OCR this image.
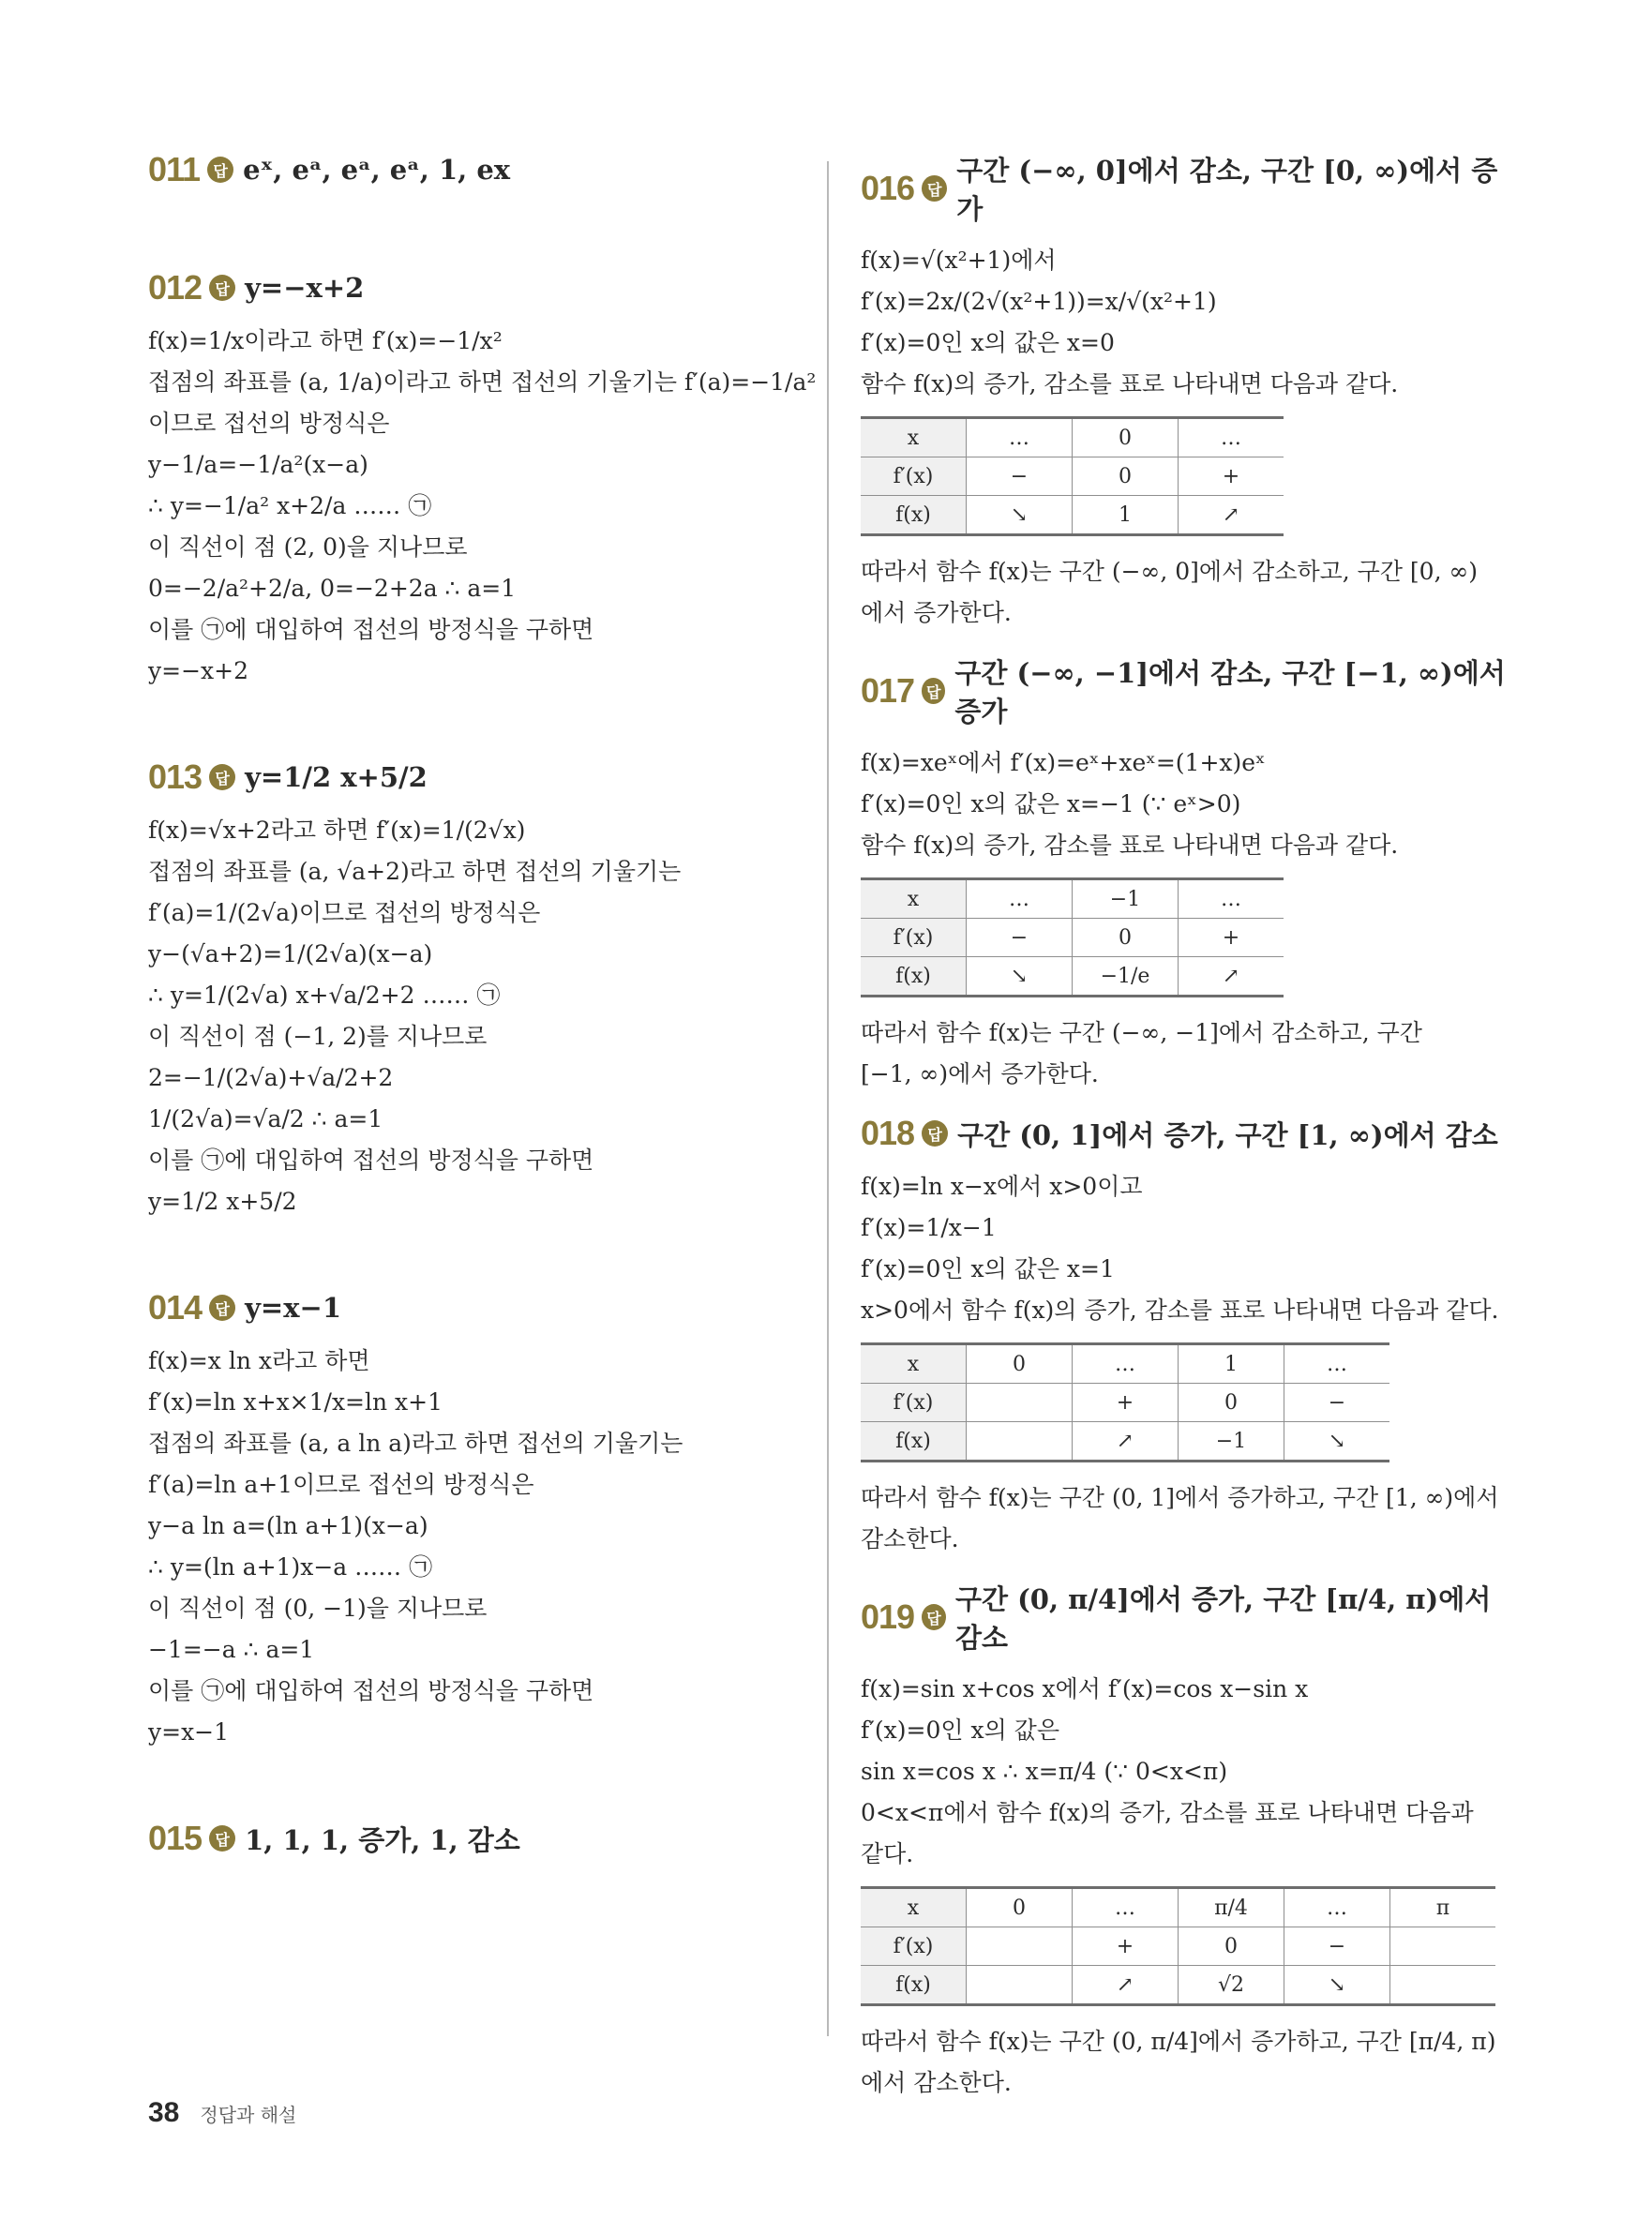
011 답 eˣ, eᵃ, eᵃ, eᵃ, 1, ex
012 답 y=−x+2
f(x)=1/x이라고 하면 f′(x)=−1/x²
접점의 좌표를 (a, 1/a)이라고 하면 접선의 기울기는 f′(a)=−1/a²
이므로 접선의 방정식은
y−1/a=−1/a²(x−a)
∴ y=−1/a² x+2/a …… ㉠
이 직선이 점 (2, 0)을 지나므로
0=−2/a²+2/a, 0=−2+2a ∴ a=1
이를 ㉠에 대입하여 접선의 방정식을 구하면
y=−x+2
013 답 y=1/2 x+5/2
f(x)=√x+2라고 하면 f′(x)=1/(2√x)
접점의 좌표를 (a, √a+2)라고 하면 접선의 기울기는
f′(a)=1/(2√a)이므로 접선의 방정식은
y−(√a+2)=1/(2√a)(x−a)
∴ y=1/(2√a) x+√a/2+2 …… ㉠
이 직선이 점 (−1, 2)를 지나므로
2=−1/(2√a)+√a/2+2
1/(2√a)=√a/2 ∴ a=1
이를 ㉠에 대입하여 접선의 방정식을 구하면
y=1/2 x+5/2
014 답 y=x−1
f(x)=x ln x라고 하면
f′(x)=ln x+x×1/x=ln x+1
접점의 좌표를 (a, a ln a)라고 하면 접선의 기울기는
f′(a)=ln a+1이므로 접선의 방정식은
y−a ln a=(ln a+1)(x−a)
∴ y=(ln a+1)x−a …… ㉠
이 직선이 점 (0, −1)을 지나므로
−1=−a ∴ a=1
이를 ㉠에 대입하여 접선의 방정식을 구하면
y=x−1
015 답 1, 1, 1, 증가, 1, 감소
016 답
구간 (−∞, 0]에서 감소, 구간 [0, ∞)에서 증가
f(x)=√(x²+1)에서
f′(x)=2x/(2√(x²+1))=x/√(x²+1)
f′(x)=0인 x의 값은 x=0
함수 f(x)의 증가, 감소를 표로 나타내면 다음과 같다.
x	…	0	…
f′(x)	−	0	+
f(x)	↘	1	↗
따라서 함수 f(x)는 구간 (−∞, 0]에서 감소하고, 구간 [0, ∞)
에서 증가한다.
017 답
구간 (−∞, −1]에서 감소, 구간 [−1, ∞)에서 증가
f(x)=xeˣ에서 f′(x)=eˣ+xeˣ=(1+x)eˣ
f′(x)=0인 x의 값은 x=−1 (∵ eˣ>0)
함수 f(x)의 증가, 감소를 표로 나타내면 다음과 같다.
x	…	−1	…
f′(x)	−	0	+
f(x)	↘	−1/e	↗
따라서 함수 f(x)는 구간 (−∞, −1]에서 감소하고, 구간
[−1, ∞)에서 증가한다.
018 답 구간 (0, 1]에서 증가, 구간 [1, ∞)에서 감소
f(x)=ln x−x에서 x>0이고
f′(x)=1/x−1
f′(x)=0인 x의 값은 x=1
x>0에서 함수 f(x)의 증가, 감소를 표로 나타내면 다음과 같다.
x	0	…	1	…
f′(x)		+	0	−
f(x)		↗	−1	↘
따라서 함수 f(x)는 구간 (0, 1]에서 증가하고, 구간 [1, ∞)에서
감소한다.
019 답
구간 (0, π/4]에서 증가, 구간 [π/4, π)에서 감소
f(x)=sin x+cos x에서 f′(x)=cos x−sin x
f′(x)=0인 x의 값은
sin x=cos x ∴ x=π/4 (∵ 0<x<π)
0<x<π에서 함수 f(x)의 증가, 감소를 표로 나타내면 다음과
같다.
x	0	…	π/4	…	π
f′(x)		+	0	−	
f(x)		↗	√2	↘	
따라서 함수 f(x)는 구간 (0, π/4]에서 증가하고, 구간 [π/4, π)
에서 감소한다.
38 정답과 해설
